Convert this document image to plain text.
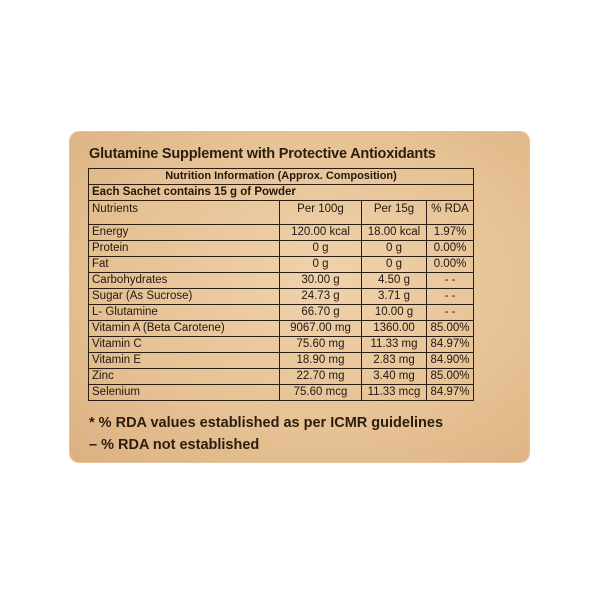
Glutamine Supplement with Protective Antioxidants
Nutrition Information (Approx. Composition)			
Each Sachet contains 15 g of Powder			
Nutrients	Per 100g	Per 15g	% RDA
Energy	120.00 kcal	18.00 kcal	1.97%
Protein	0 g	0 g	0.00%
Fat	0 g	0 g	0.00%
Carbohydrates	30.00 g	4.50 g	- -
Sugar (As Sucrose)	24.73 g	3.71 g	- -
L- Glutamine	66.70 g	10.00 g	- -
Vitamin A (Beta Carotene)	9067.00 mg	1360.00	85.00%
Vitamin C	75.60 mg	11.33 mg	84.97%
Vitamin E	18.90 mg	2.83 mg	84.90%
Zinc	22.70 mg	3.40 mg	85.00%
Selenium	75.60 mcg	11.33 mcg	84.97%
* % RDA values established as per ICMR guidelines
– % RDA not established
